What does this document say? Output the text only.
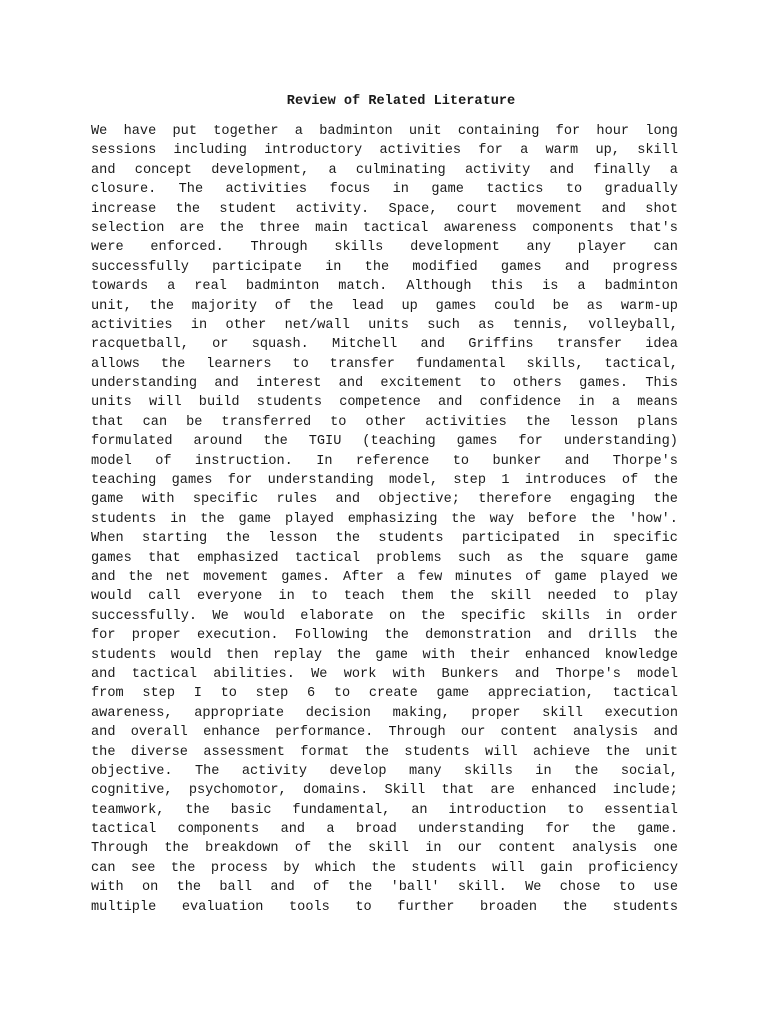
Review of Related Literature
We have put together a badminton unit containing for hour long
sessions including introductory activities for a warm up, skill
and concept development, a culminating activity and finally a
closure. The activities focus in game tactics to gradually
increase the student activity. Space, court movement and shot
selection are the three main tactical awareness components that's
were enforced. Through skills development any player can
successfully participate in the modified games and progress
towards a real badminton match. Although this is a badminton
unit, the majority of the lead up games could be as warm-up
activities in other net/wall units such as tennis, volleyball,
racquetball, or squash. Mitchell and Griffins transfer idea
allows the learners to transfer fundamental skills, tactical,
understanding and interest and excitement to others games. This
units will build students competence and confidence in a means
that can be transferred to other activities the lesson plans
formulated around the TGIU (teaching games for understanding)
model of instruction. In reference to bunker and Thorpe's
teaching games for understanding model, step 1 introduces of the
game with specific rules and objective; therefore engaging the
students in the game played emphasizing the way before the 'how'.
When starting the lesson the students participated in specific
games that emphasized tactical problems such as the square game
and the net movement games. After a few minutes of game played we
would call everyone in to teach them the skill needed to play
successfully. We would elaborate on the specific skills in order
for proper execution. Following the demonstration and drills the
students would then replay the game with their enhanced knowledge
and tactical abilities. We work with Bunkers and Thorpe's model
from step I to step 6 to create game appreciation, tactical
awareness, appropriate decision making, proper skill execution
and overall enhance performance. Through our content analysis and
the diverse assessment format the students will achieve the unit
objective. The activity develop many skills in the social,
cognitive, psychomotor, domains. Skill that are enhanced include;
teamwork, the basic fundamental, an introduction to essential
tactical components and a broad understanding for the game.
Through the breakdown of the skill in our content analysis one
can see the process by which the students will gain proficiency
with on the ball and of the 'ball' skill. We chose to use
multiple evaluation tools to further broaden the students
